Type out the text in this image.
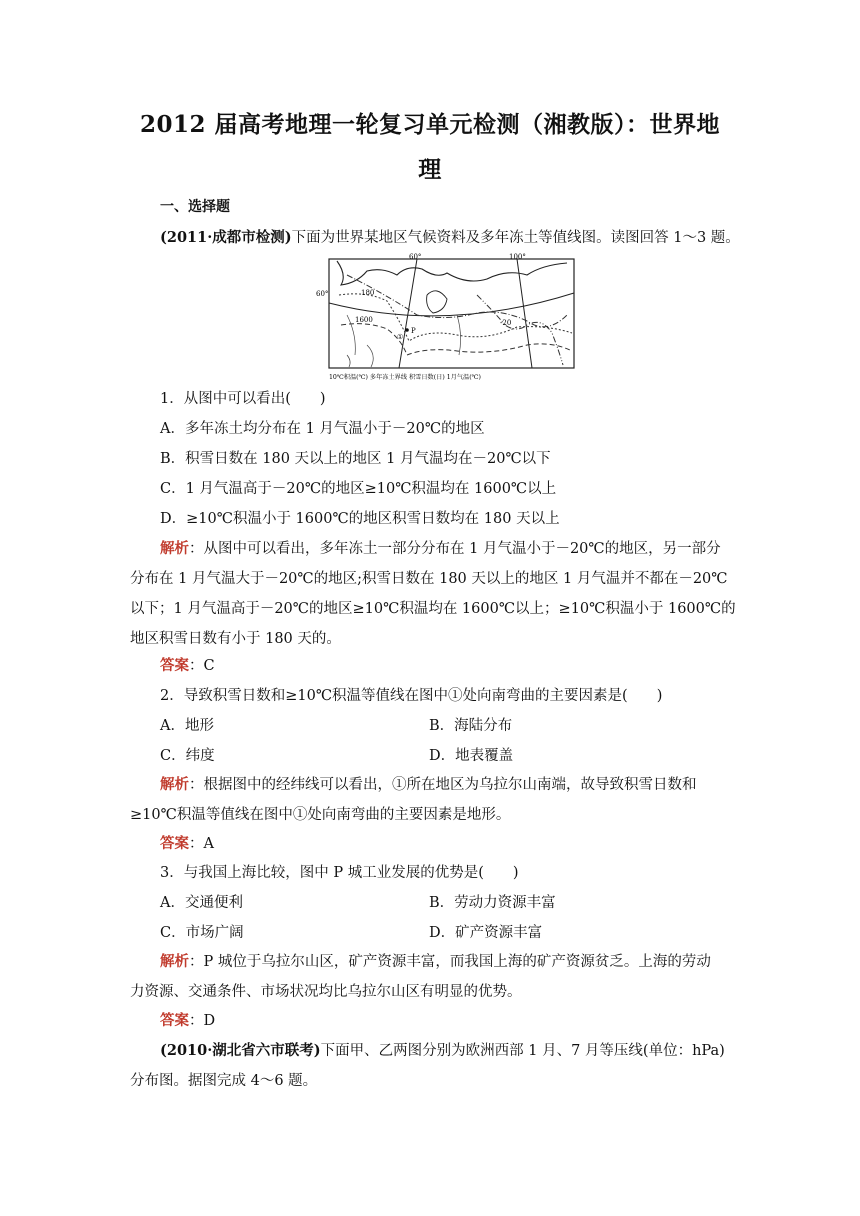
2012 届高考地理一轮复习单元检测（湘教版）：世界地
理
一、选择题
(2011·成都市检测)下面为世界某地区气候资料及多年冻土等值线图。读图回答 1～3 题。
60°	100°
60°	180
1600	-20
①
P
10℃积温(℃) 多年冻土界线 积雪日数(日) 1月气温(℃)
1．从图中可以看出(　　)
A．多年冻土均分布在 1 月气温小于－20℃的地区
B．积雪日数在 180 天以上的地区 1 月气温均在－20℃以下
C．1 月气温高于－20℃的地区≥10℃积温均在 1600℃以上
D．≥10℃积温小于 1600℃的地区积雪日数均在 180 天以上
解析：从图中可以看出，多年冻土一部分分布在 1 月气温小于－20℃的地区，另一部分
分布在 1 月气温大于－20℃的地区;积雪日数在 180 天以上的地区 1 月气温并不都在－20℃
以下；1 月气温高于－20℃的地区≥10℃积温均在 1600℃以上；≥10℃积温小于 1600℃的
地区积雪日数有小于 180 天的。
答案：C
2．导致积雪日数和≥10℃积温等值线在图中①处向南弯曲的主要因素是(　　)
A．地形	B．海陆分布
C．纬度	D．地表覆盖
解析：根据图中的经纬线可以看出，①所在地区为乌拉尔山南端，故导致积雪日数和
≥10℃积温等值线在图中①处向南弯曲的主要因素是地形。
答案：A
3．与我国上海比较，图中 P 城工业发展的优势是(　　)
A．交通便利	B．劳动力资源丰富
C．市场广阔	D．矿产资源丰富
解析：P 城位于乌拉尔山区，矿产资源丰富，而我国上海的矿产资源贫乏。上海的劳动
力资源、交通条件、市场状况均比乌拉尔山区有明显的优势。
答案：D
(2010·湖北省六市联考)下面甲、乙两图分别为欧洲西部 1 月、7 月等压线(单位：hPa)
分布图。据图完成 4～6 题。
